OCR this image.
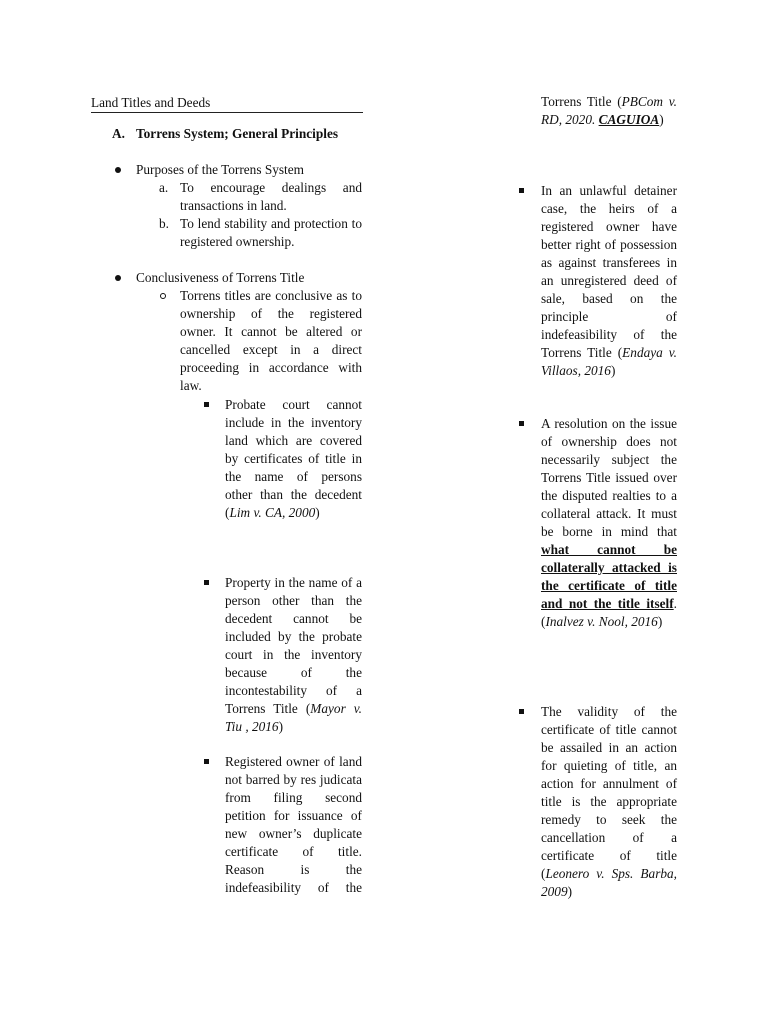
Land Titles and Deeds
A. Torrens System; General Principles
Purposes of the Torrens System
a. To encourage dealings and transactions in land.
b. To lend stability and protection to registered ownership.
Conclusiveness of Torrens Title
Torrens titles are conclusive as to ownership of the registered owner. It cannot be altered or cancelled except in a direct proceeding in accordance with law.
Probate court cannot include in the inventory land which are covered by certificates of title in the name of persons other than the decedent (Lim v. CA, 2000)
Property in the name of a person other than the decedent cannot be included by the probate court in the inventory because of the incontestability of a Torrens Title (Mayor v. Tiu , 2016)
Registered owner of land not barred by res judicata from filing second petition for issuance of new owner’s duplicate certificate of title. Reason is the indefeasibility of the
Torrens Title (PBCom v. RD, 2020. CAGUIOA)
In an unlawful detainer case, the heirs of a registered owner have better right of possession as against transferees in an unregistered deed of sale, based on the principle of indefeasibility of the Torrens Title (Endaya v. Villaos, 2016)
A resolution on the issue of ownership does not necessarily subject the Torrens Title issued over the disputed realties to a collateral attack. It must be borne in mind that what cannot be collaterally attacked is the certificate of title and not the title itself. (Inalvez v. Nool, 2016)
The validity of the certificate of title cannot be assailed in an action for quieting of title, an action for annulment of title is the appropriate remedy to seek the cancellation of a certificate of title (Leonero v. Sps. Barba, 2009)
